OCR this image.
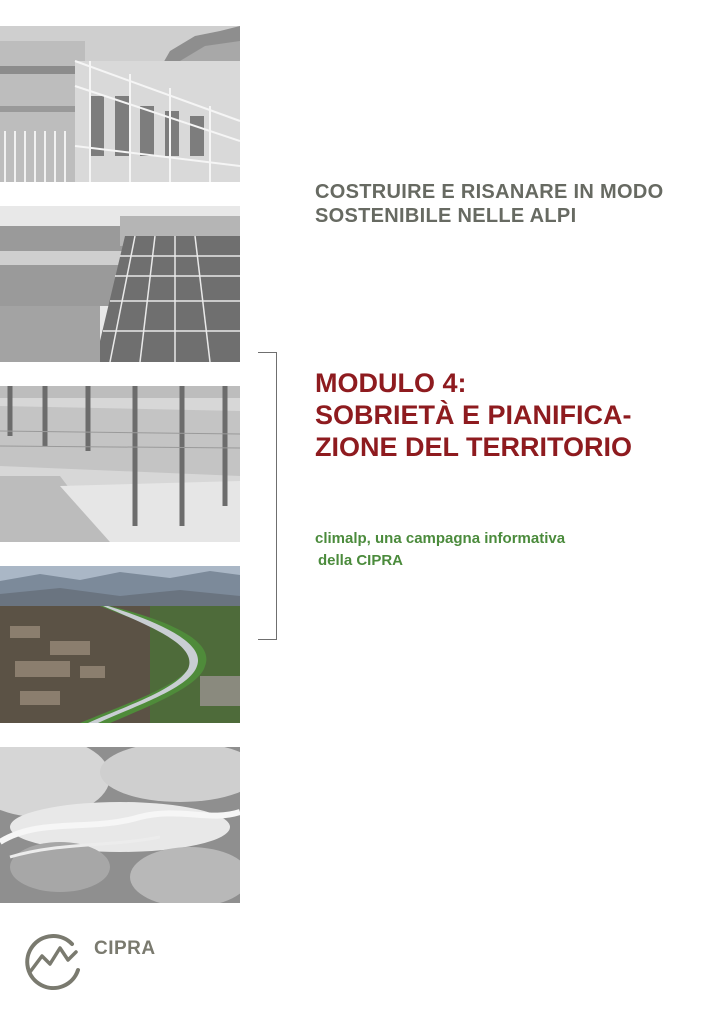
COSTRUIRE E RISANARE IN MODO SOSTENIBILE NELLE ALPI
MODULO 4:
SOBRIETÀ E PIANIFICA-
ZIONE DEL TERRITORIO
climalp, una campagna informativa
della CIPRA
CIPRA
